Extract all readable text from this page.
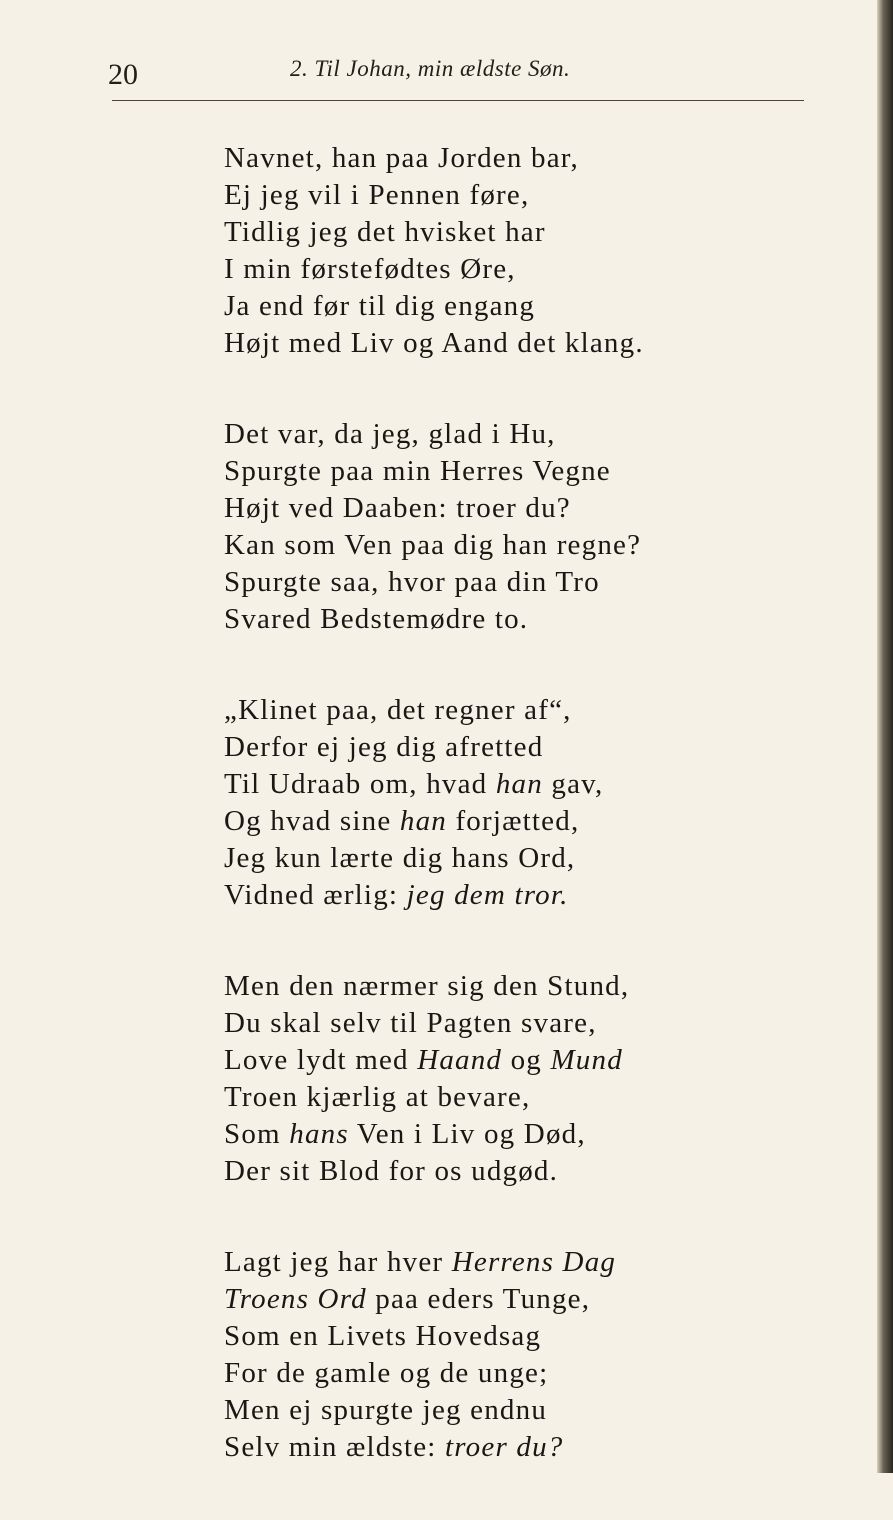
20	2. Til Johan, min ældste Søn.
Navnet, han paa Jorden bar,
Ej jeg vil i Pennen føre,
Tidlig jeg det hvisket har
I min førstefødtes Øre,
Ja end før til dig engang
Højt med Liv og Aand det klang.
Det var, da jeg, glad i Hu,
Spurgte paa min Herres Vegne
Højt ved Daaben: troer du?
Kan som Ven paa dig han regne?
Spurgte saa, hvor paa din Tro
Svared Bedstemødre to.
„Klinet paa, det regner af“,
Derfor ej jeg dig afretted
Til Udraab om, hvad han gav,
Og hvad sine han forjætted,
Jeg kun lærte dig hans Ord,
Vidned ærlig: jeg dem tror.
Men den nærmer sig den Stund,
Du skal selv til Pagten svare,
Love lydt med Haand og Mund
Troen kjærlig at bevare,
Som hans Ven i Liv og Død,
Der sit Blod for os udgød.
Lagt jeg har hver Herrens Dag
Troens Ord paa eders Tunge,
Som en Livets Hovedsag
For de gamle og de unge;
Men ej spurgte jeg endnu
Selv min ældste: troer du?
